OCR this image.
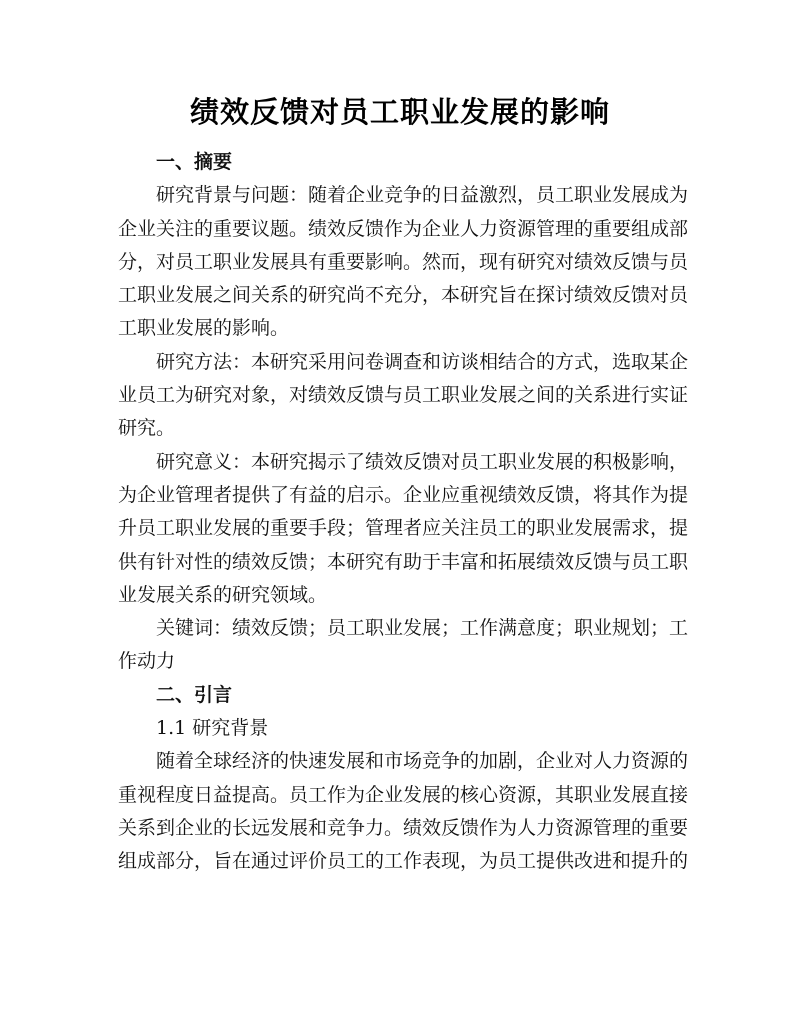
绩效反馈对员工职业发展的影响
一、摘要
研究背景与问题：随着企业竞争的日益激烈，员工职业发展成为
企业关注的重要议题。绩效反馈作为企业人力资源管理的重要组成部
分，对员工职业发展具有重要影响。然而，现有研究对绩效反馈与员
工职业发展之间关系的研究尚不充分，本研究旨在探讨绩效反馈对员
工职业发展的影响。
研究方法：本研究采用问卷调查和访谈相结合的方式，选取某企
业员工为研究对象，对绩效反馈与员工职业发展之间的关系进行实证
研究。
研究意义：本研究揭示了绩效反馈对员工职业发展的积极影响，
为企业管理者提供了有益的启示。企业应重视绩效反馈，将其作为提
升员工职业发展的重要手段；管理者应关注员工的职业发展需求，提
供有针对性的绩效反馈；本研究有助于丰富和拓展绩效反馈与员工职
业发展关系的研究领域。
关键词：绩效反馈；员工职业发展；工作满意度；职业规划；工
作动力
二、引言
1.1 研究背景
随着全球经济的快速发展和市场竞争的加剧，企业对人力资源的
重视程度日益提高。员工作为企业发展的核心资源，其职业发展直接
关系到企业的长远发展和竞争力。绩效反馈作为人力资源管理的重要
组成部分，旨在通过评价员工的工作表现，为员工提供改进和提升的
